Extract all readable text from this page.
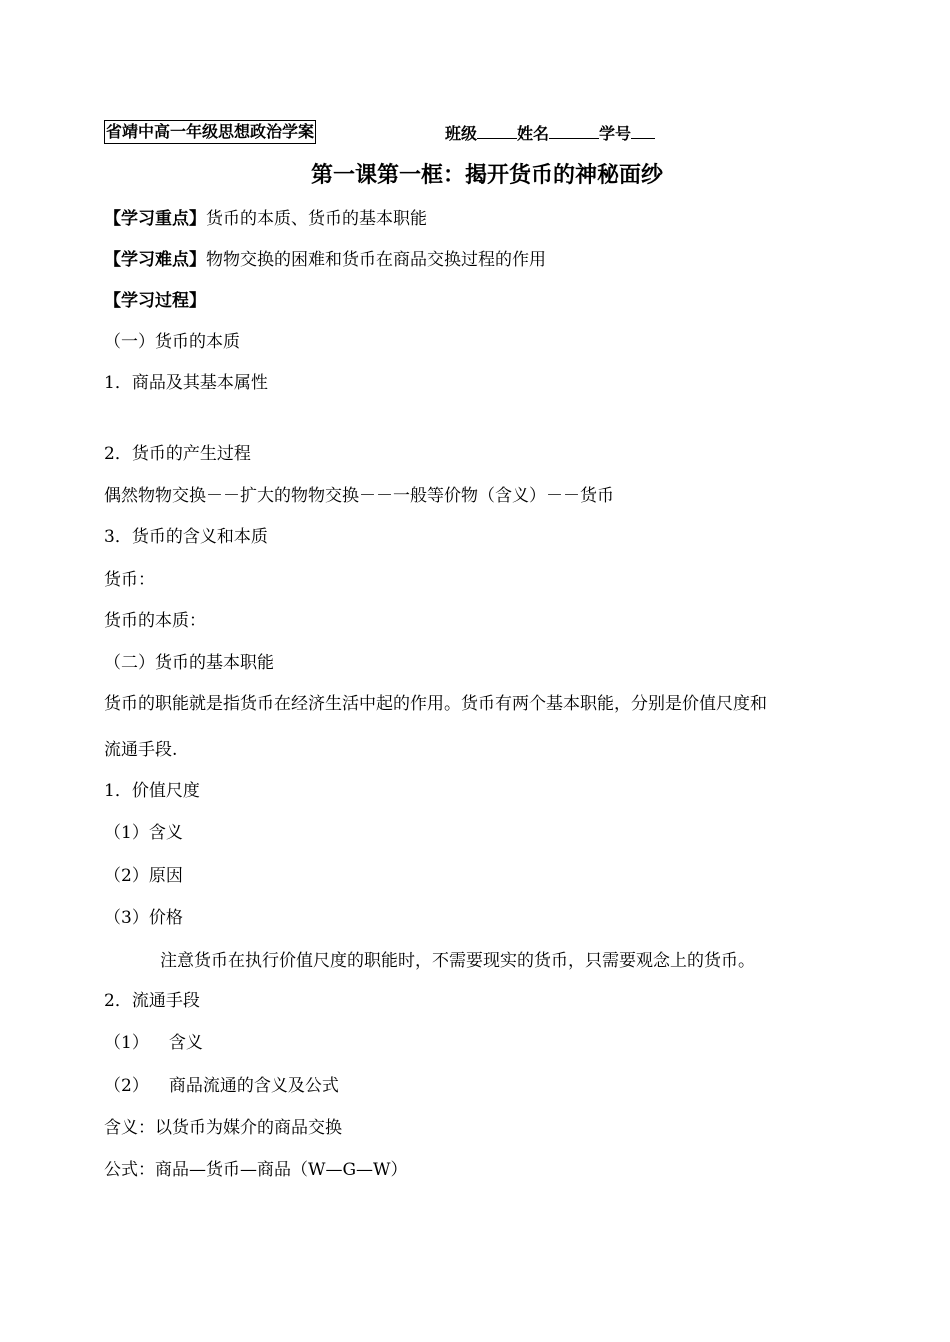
省靖中高一年级思想政治学案	班级	姓名	学号
第一课第一框：揭开货币的神秘面纱
【学习重点】货币的本质、货币的基本职能
【学习难点】物物交换的困难和货币在商品交换过程的作用
【学习过程】
（一）货币的本质
1．商品及其基本属性
2．货币的产生过程
偶然物物交换－－扩大的物物交换－－一般等价物（含义）－－货币
3．货币的含义和本质
货币：
货币的本质：
（二）货币的基本职能
货币的职能就是指货币在经济生活中起的作用。货币有两个基本职能，分别是价值尺度和
流通手段.
1．价值尺度
（1）含义
（2）原因
（3）价格
注意货币在执行价值尺度的职能时，不需要现实的货币，只需要观念上的货币。
2．流通手段
（1） 含义
（2） 商品流通的含义及公式
含义：以货币为媒介的商品交换
公式：商品—货币—商品（W—G—W）
